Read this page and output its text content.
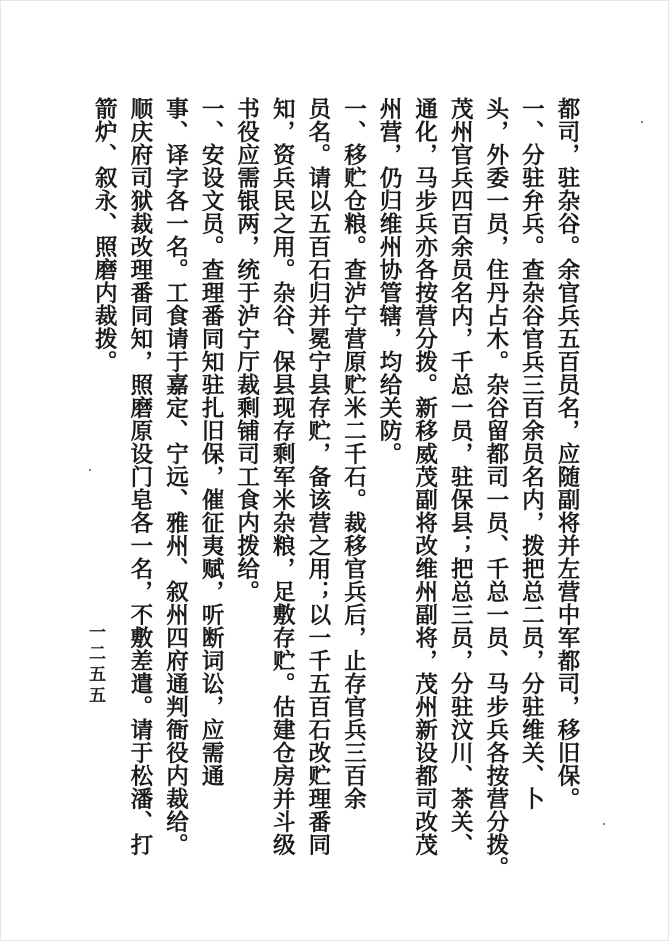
都司，驻杂谷。余官兵五百员名，应随副将并左营中军都司，移旧保。
一、分驻弁兵。查杂谷官兵三百余员名内，拨把总二员，分驻维关、卜
头，外委一员，住丹占木。杂谷留都司一员、千总一员、马步兵各按营分拨。
茂州官兵四百余员名内，千总一员，驻保县；把总三员，分驻汶川、茶关、
通化，马步兵亦各按营分拨。新移威茂副将改维州副将，茂州新设都司改茂
州营，仍归维州协管辖，均给关防。
一、移贮仓粮。查泸宁营原贮米二千石。裁移官兵后，止存官兵三百余
员名。请以五百石归并冕宁县存贮，备该营之用；以一千五百石改贮理番同
知，资兵民之用。杂谷、保县现存剩军米杂粮，足敷存贮。估建仓房并斗级
书役应需银两，统于泸宁厅裁剩铺司工食内拨给。
一、安设文员。查理番同知驻扎旧保，催征夷赋，听断词讼，应需通
事、译字各一名。工食请于嘉定、宁远、雅州、叙州四府通判衙役内裁给。
顺庆府司狱裁改理番同知，照磨原设门皂各一名，不敷差遣。请于松潘、打
箭炉、叙永、照磨内裁拨。
一二五五
